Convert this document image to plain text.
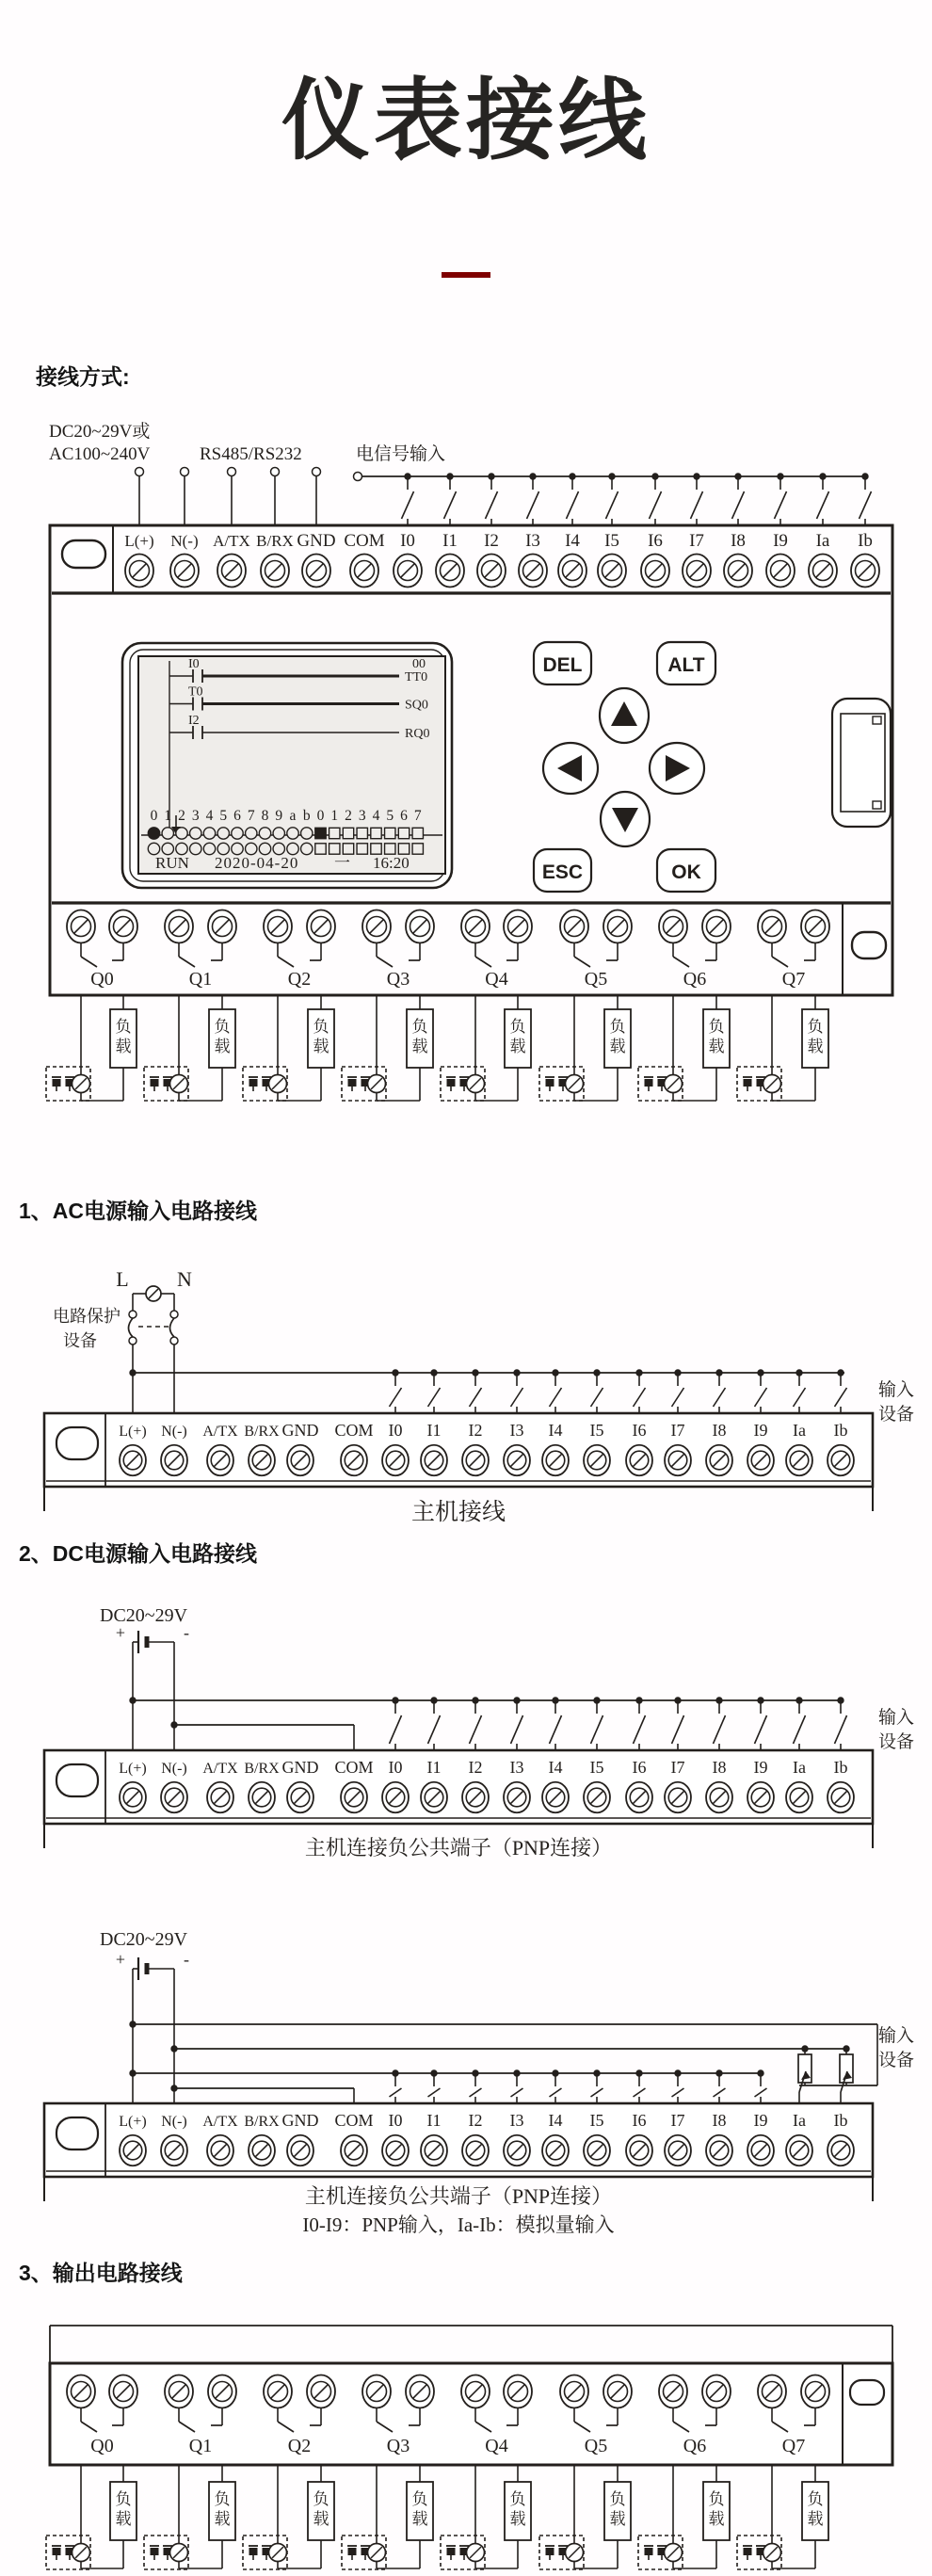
仪表接线
接线方式:
DC20~29V或
AC100~240V	RS485/RS232	电信号输入
L(+) N(-) A/TX B/RX GND COM I0 I1 I2 I3 I4 I5 I6 I7 I8 I9 Ia Ib
I0
TT0
T0
SQ0
I2
RQ0
00
0 1 2 3 4 5 6 7 8 9 a b 0 1 2 3 4 5 6 7
RUN 2020-04-20 一 16:20
DEL	ALT
ESC	OK
Q0	Q1	Q2	Q3	Q4	Q5	Q6	Q7
负载
负载
负载
负载
负载
负载
负载
负载
1、AC电源输入电路接线
L N
电路保护
设备
输入
设备
L(+) N(-) A/TX B/RX GND COM I0 I1 I2 I3 I4 I5 I6 I7 I8 I9 Ia Ib
主机接线
2、DC电源输入电路接线
DC20~29V
+	-
输入
设备
L(+) N(-) A/TX B/RX GND COM I0 I1 I2 I3 I4 I5 I6 I7 I8 I9 Ia Ib
主机连接负公共端子（PNP连接）
DC20~29V
+	-
输入
设备
L(+) N(-) A/TX B/RX GND COM I0 I1 I2 I3 I4 I5 I6 I7 I8 I9 Ia Ib
主机连接负公共端子（PNP连接）
I0-I9：PNP输入，Ia-Ib：模拟量输入
3、输出电路接线
Q0	Q1	Q2	Q3	Q4	Q5	Q6	Q7
负载
负载
负载
负载
负载
负载
负载
负载
